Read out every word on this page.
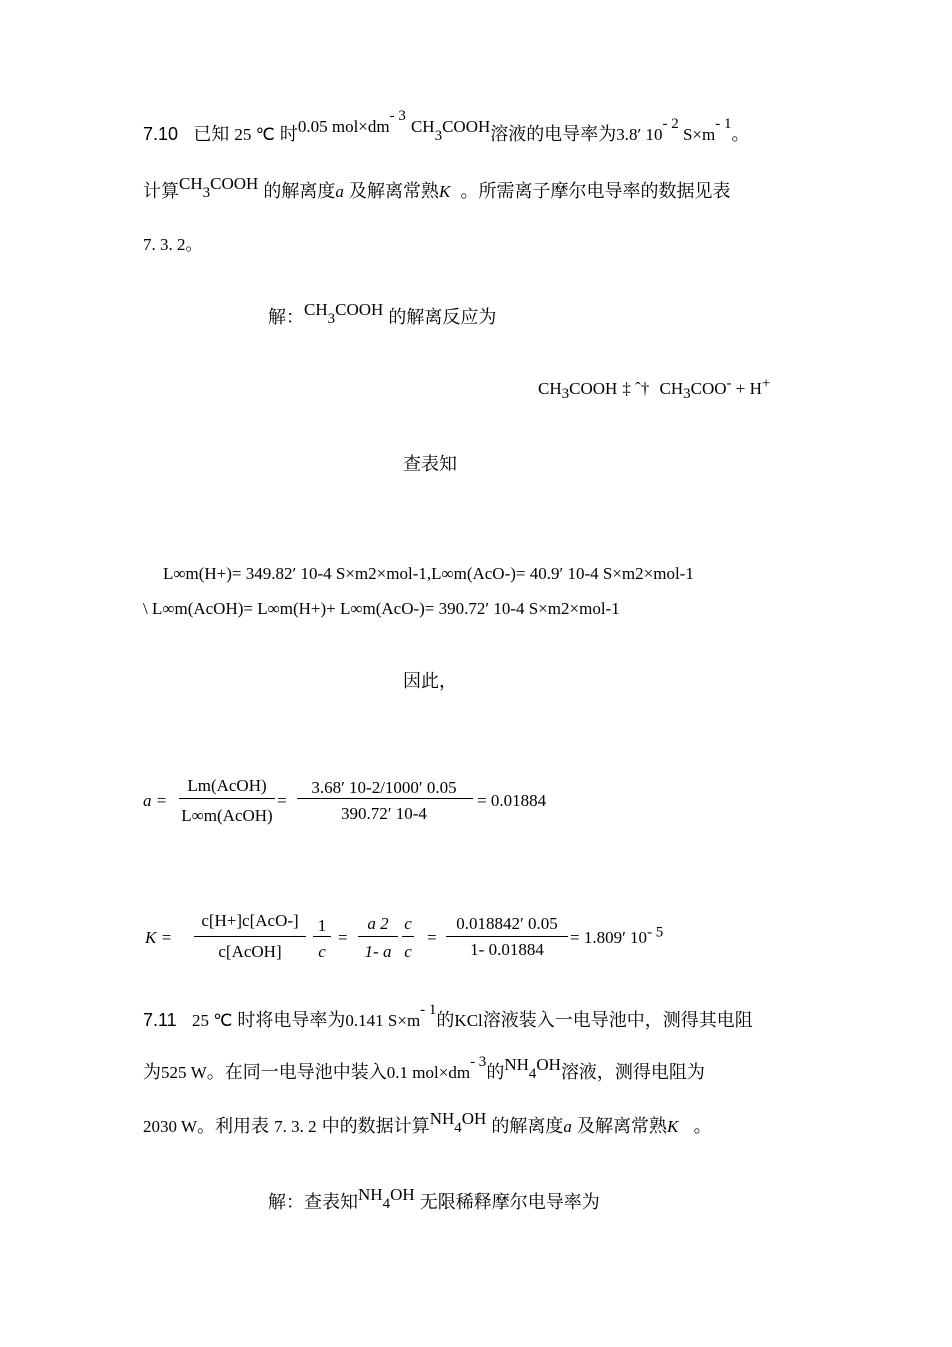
7.10 已知 25 ℃ 时0.05 $mol\times dm^{- 3}$ $CH_3COOH$溶液的电导率为3.8′ $10^{- 2}$ $S\times m^{- 1}$。
计算$CH_3COOH$ 的解离度a 及解离常熟K 。所需离子摩尔电导率的数据见表
7. 3. 2。
解：$CH_3COOH$ 的解离反应为
$CH_3COOH$ ‡ ˆ† $CH_3COO^- + H^+$
查表知
L∞m(H+)= 349.82′ 10-4 S×m2×mol-1,L∞m(AcO-)= 40.9′ 10-4 S×m2×mol-1
\ L∞m(AcOH)= L∞m(H+)+ L∞m(AcO-)= 390.72′ 10-4 S×m2×mol-1
因此，
a =
Lm(AcOH)
L∞m(AcOH)
=
3.68′ 10-2/1000′ 0.05
390.72′ 10-4
= 0.01884
K =
c[H+]c[AcO-]
c[AcOH]
1
c
=
a 2
1- a
c
c
=
0.018842′ 0.05
1- 0.01884
= 1.809′ $10^{- 5}$
7.11 25 ℃ 时将电导率为0.141 $S\times m^{- 1}$的KCl溶液装入一电导池中，测得其电阻
为525 W。在同一电导池中装入0.1 $mol\times dm^{- 3}$的$NH_4OH$溶液，测得电阻为
2030 W。利用表 7. 3. 2 中的数据计算$NH_4OH$ 的解离度a 及解离常熟K 。
解：查表知$NH_4OH$ 无限稀释摩尔电导率为
